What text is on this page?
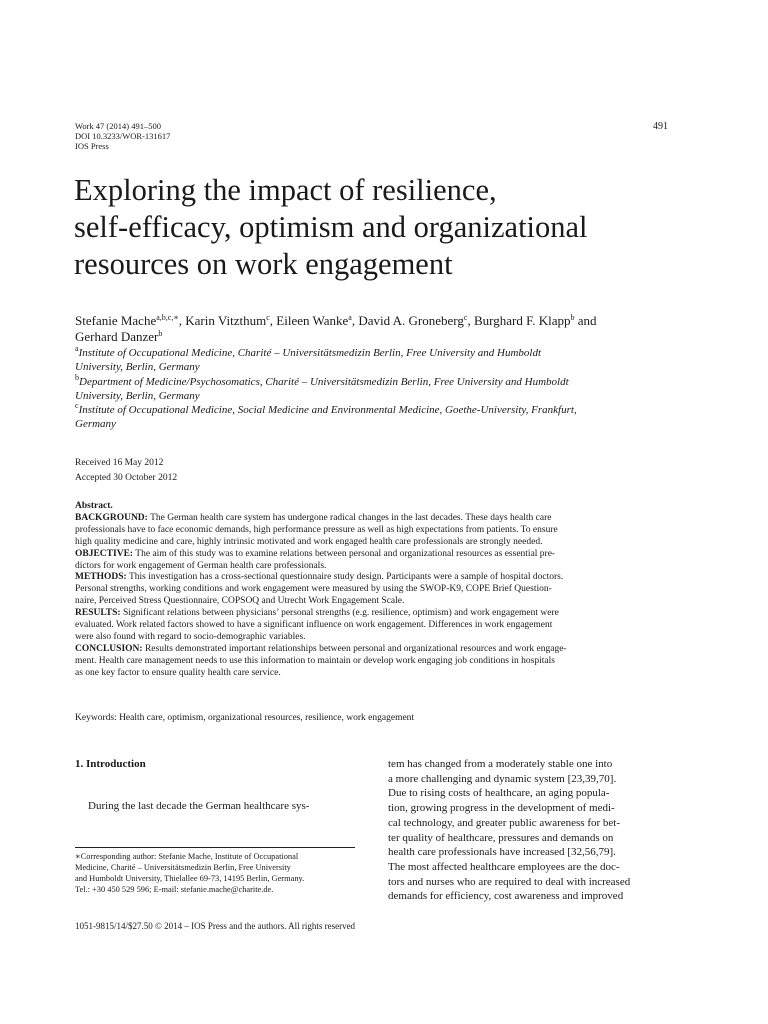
Work 47 (2014) 491–500
DOI 10.3233/WOR-131617
IOS Press
491
Exploring the impact of resilience,
self-efficacy, optimism and organizational
resources on work engagement
Stefanie Mache$^{a,b,c,∗}$, Karin Vitzthum$^c$, Eileen Wanke$^a$, David A. Groneberg$^c$, Burghard F. Klapp$^b$ and
Gerhard Danzer$^b$

$^a$Institute of Occupational Medicine, Charité – Universitätsmedizin Berlin, Free University and Humboldt
University, Berlin, Germany

$^b$Department of Medicine/Psychosomatics, Charité – Universitätsmedizin Berlin, Free University and Humboldt
University, Berlin, Germany

$^c$Institute of Occupational Medicine, Social Medicine and Environmental Medicine, Goethe-University, Frankfurt,
Germany

Received 16 May 2012
Accepted 30 October 2012
Abstract.
BACKGROUND: The German health care system has undergone radical changes in the last decades. These days health care
professionals have to face economic demands, high performance pressure as well as high expectations from patients. To ensure
high quality medicine and care, highly intrinsic motivated and work engaged health care professionals are strongly needed.
OBJECTIVE: The aim of this study was to examine relations between personal and organizational resources as essential pre-
dictors for work engagement of German health care professionals.
METHODS: This investigation has a cross-sectional questionnaire study design. Participants were a sample of hospital doctors.
Personal strengths, working conditions and work engagement were measured by using the SWOP-K9, COPE Brief Question-
naire, Perceived Stress Questionnaire, COPSOQ and Utrecht Work Engagement Scale.
RESULTS: Significant relations between physicians’ personal strengths (e.g. resilience, optimism) and work engagement were
evaluated. Work related factors showed to have a significant influence on work engagement. Differences in work engagement
were also found with regard to socio-demographic variables.
CONCLUSION: Results demonstrated important relationships between personal and organizational resources and work engage-
ment. Health care management needs to use this information to maintain or develop work engaging job conditions in hospitals
as one key factor to ensure quality health care service.
Keywords: Health care, optimism, organizational resources, resilience, work engagement
1. Introduction
During the last decade the German healthcare sys-
∗Corresponding author: Stefanie Mache, Institute of Occupational
Medicine, Charité – Universitätsmedizin Berlin, Free University
and Humboldt University, Thielallee 69-73, 14195 Berlin, Germany.
Tel.: +30 450 529 596; E-mail: stefanie.mache@charite.de.
tem has changed from a moderately stable one into
a more challenging and dynamic system [23,39,70].
Due to rising costs of healthcare, an aging popula-
tion, growing progress in the development of medi-
cal technology, and greater public awareness for bet-
ter quality of healthcare, pressures and demands on
health care professionals have increased [32,56,79].
The most affected healthcare employees are the doc-
tors and nurses who are required to deal with increased
demands for efficiency, cost awareness and improved
1051-9815/14/$27.50 © 2014 – IOS Press and the authors. All rights reserved
